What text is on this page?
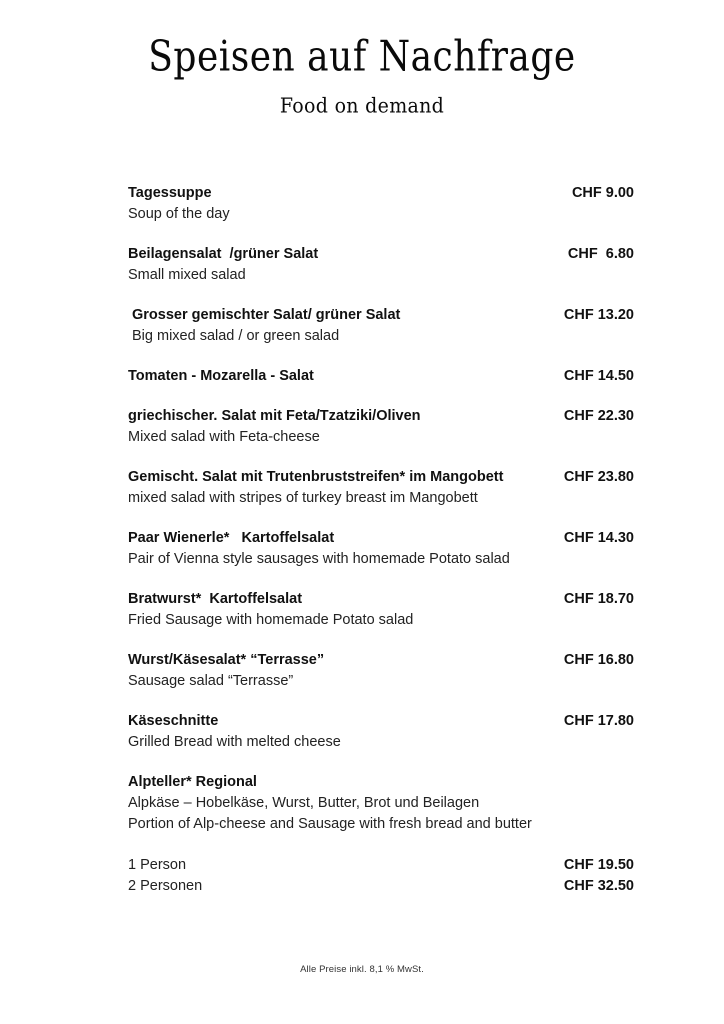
Speisen auf Nachfrage
Food on demand
Tagessuppe	CHF 9.00
Soup of the day
Beilagensalat  /grüner Salat	CHF  6.80
Small mixed salad
Grosser gemischter Salat/ grüner Salat	CHF 13.20
Big mixed salad / or green salad
Tomaten - Mozarella - Salat	CHF 14.50
griechischer. Salat mit Feta/Tzatziki/Oliven	CHF 22.30
Mixed salad with Feta-cheese
Gemischt. Salat mit Trutenbruststreifen* im Mangobett	CHF 23.80
mixed salad with stripes of turkey breast im Mangobett
Paar Wienerle*   Kartoffelsalat	CHF 14.30
Pair of Vienna style sausages with homemade Potato salad
Bratwurst*  Kartoffelsalat	CHF 18.70
Fried Sausage with homemade Potato salad
Wurst/Käsesalat* “Terrasse”	CHF 16.80
Sausage salad “Terrasse”
Käseschnitte	CHF 17.80
Grilled Bread with melted cheese
Alpteller* Regional
Alpkäse – Hobelkäse, Wurst, Butter, Brot und Beilagen
Portion of Alp-cheese and Sausage with fresh bread and butter
1 Person	CHF 19.50
2 Personen	CHF 32.50
Alle Preise inkl. 8,1 % MwSt.
